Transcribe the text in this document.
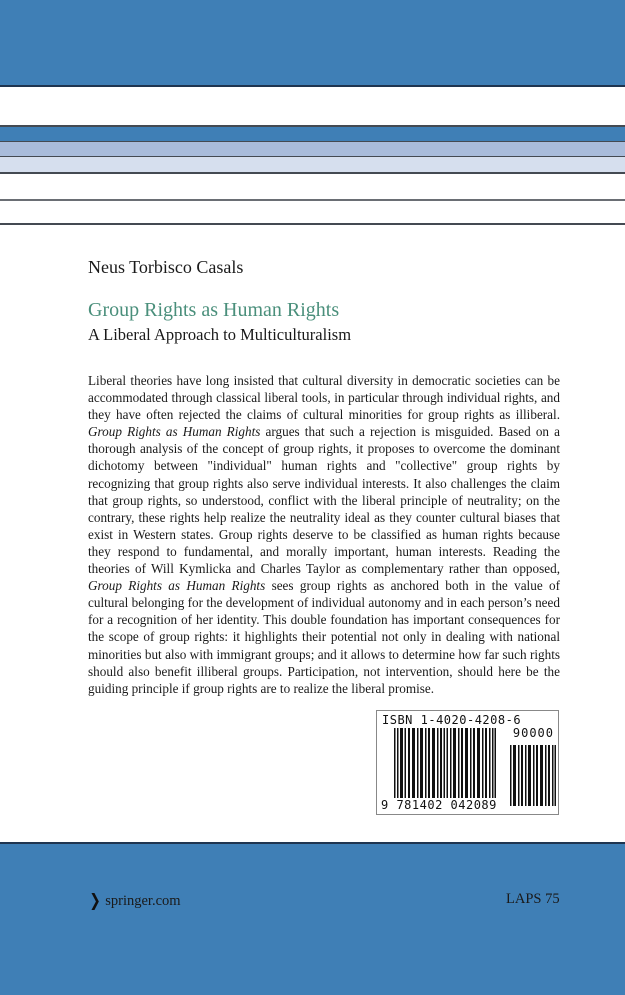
Neus Torbisco Casals
Group Rights as Human Rights
A Liberal Approach to Multiculturalism
Liberal theories have long insisted that cultural diversity in democratic societies can be accommodated through classical liberal tools, in particular through individual rights, and they have often rejected the claims of cultural minorities for group rights as illiberal. Group Rights as Human Rights argues that such a rejection is misguided. Based on a thorough analysis of the concept of group rights, it proposes to overcome the dominant dichotomy between "individual" human rights and "collective" group rights by recognizing that group rights also serve individual interests. It also challenges the claim that group rights, so understood, conflict with the liberal principle of neutrality; on the contrary, these rights help realize the neutrality ideal as they counter cultural biases that exist in Western states. Group rights deserve to be classified as human rights because they respond to fundamental, and morally important, human interests. Reading the theories of Will Kymlicka and Charles Taylor as complementary rather than opposed, Group Rights as Human Rights sees group rights as anchored both in the value of cultural belonging for the development of individual autonomy and in each person’s need for a recognition of her identity. This double foundation has important consequences for the scope of group rights: it highlights their potential not only in dealing with national minorities but also with immigrant groups; and it allows to determine how far such rights should also benefit illiberal groups. Participation, not intervention, should here be the guiding principle if group rights are to realize the liberal promise.
ISBN 1-4020-4208-6
90000
9 781402 042089
❯ springer.com	LAPS 75
